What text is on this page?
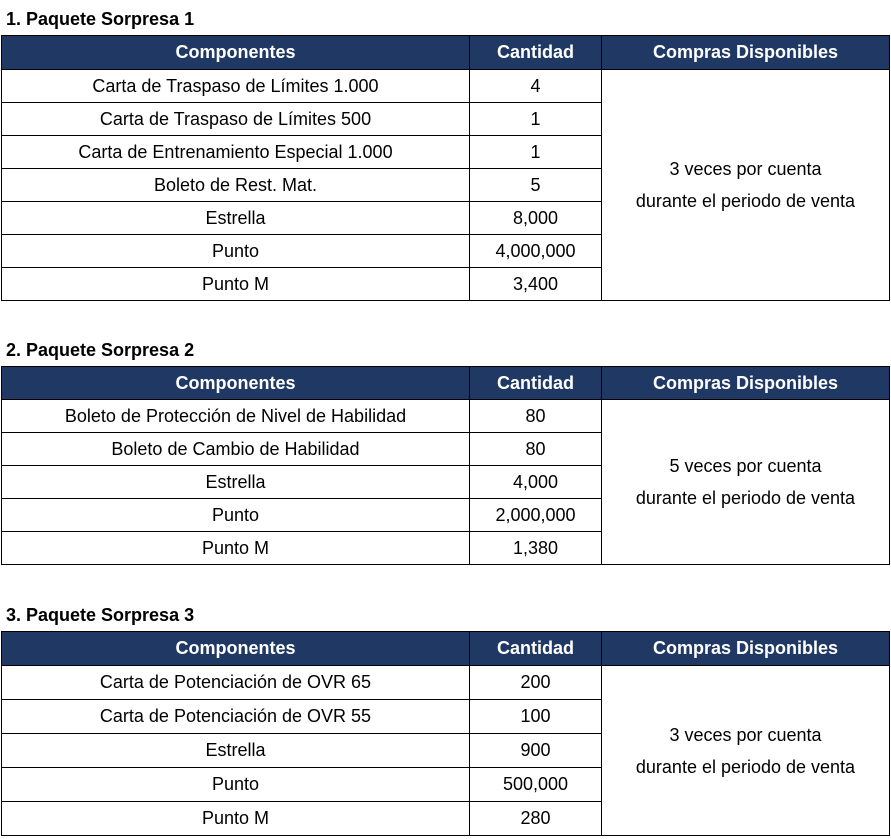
1. Paquete Sorpresa 1
Componentes	Cantidad	Compras Disponibles
Carta de Traspaso de Límites 1.000	4	3 veces por cuenta
durante el periodo de venta

Carta de Traspaso de Límites 500	1	
Carta de Entrenamiento Especial 1.000	1	
Boleto de Rest. Mat.	5	
Estrella	8,000	
Punto	4,000,000	
Punto M	3,400	
2. Paquete Sorpresa 2
Componentes	Cantidad	Compras Disponibles
Boleto de Protección de Nivel de Habilidad	80	5 veces por cuenta
durante el periodo de venta

Boleto de Cambio de Habilidad	80	
Estrella	4,000	
Punto	2,000,000	
Punto M	1,380	
3. Paquete Sorpresa 3
Componentes	Cantidad	Compras Disponibles
Carta de Potenciación de OVR 65	200	3 veces por cuenta
durante el periodo de venta

Carta de Potenciación de OVR 55	100	
Estrella	900	
Punto	500,000	
Punto M	280	
